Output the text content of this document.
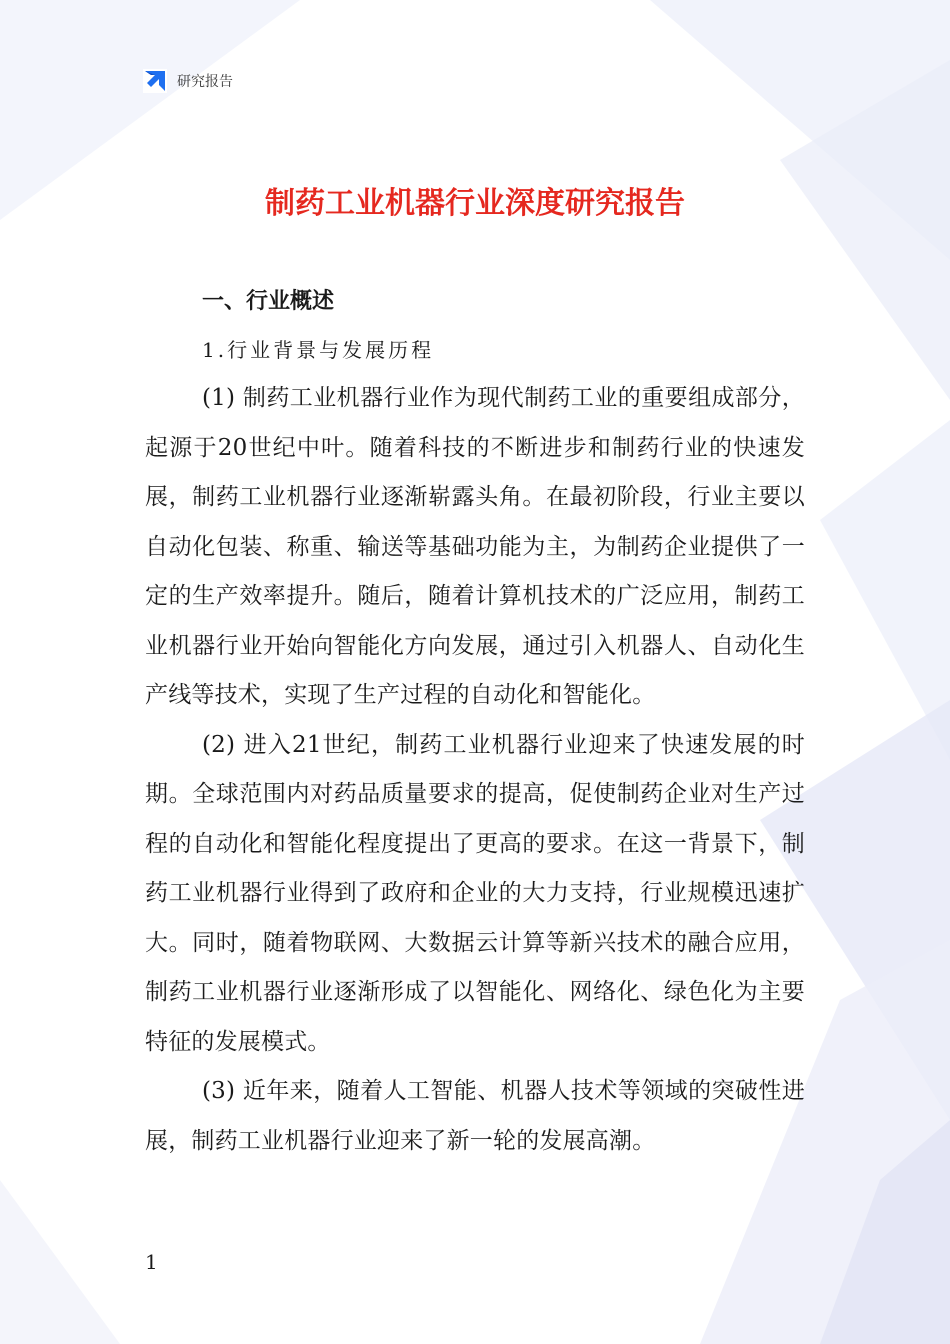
研究报告
制药工业机器行业深度研究报告

一、行业概述

1.行业背景与发展历程

(1) 制药工业机器行业作为现代制药工业的重要组成部分，起源于20世纪中叶。随着科技的不断进步和制药行业的快速发展，制药工业机器行业逐渐崭露头角。在最初阶段，行业主要以自动化包装、称重、输送等基础功能为主，为制药企业提供了一定的生产效率提升。随后，随着计算机技术的广泛应用，制药工业机器行业开始向智能化方向发展，通过引入机器人、自动化生产线等技术，实现了生产过程的自动化和智能化。

(2) 进入21世纪，制药工业机器行业迎来了快速发展的时期。全球范围内对药品质量要求的提高，促使制药企业对生产过程的自动化和智能化程度提出了更高的要求。在这一背景下，制药工业机器行业得到了政府和企业的大力支持，行业规模迅速扩大。同时，随着物联网、大数据云计算等新兴技术的融合应用，制药工业机器行业逐渐形成了以智能化、网络化、绿色化为主要特征的发展模式。

(3) 近年来，随着人工智能、机器人技术等领域的突破性进展，制药工业机器行业迎来了新一轮的发展高潮。

1
